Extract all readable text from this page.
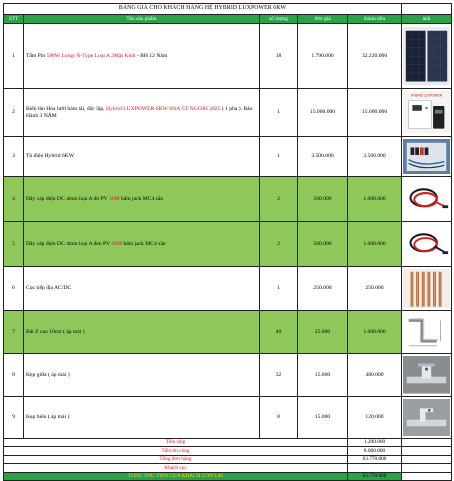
BẢNG GIÁ CHO KHÁCH HÀNG HỆ HYBRID LUXPOWER 6KW					
STT	Tên sản phẩm	số lượng	đơn giá	thành tiền	ảnh
1	Tấm Pin 580W Longi N-Type Loại A 2Mặt Kính - BH 12 Năm	18	1.790.000	32.220.000	

2	Biến tần Hòa lưới bám tải, độc lập, Hybrid LUXPOWER 6KW SNA CT NGOÀI 2025 ( 1 pha ). Bảo Hành 3 NĂM	1	15.000.000	15.000.000	HYBRID LUXPOWER

3	Tủ điện Hybrid 6KW	1	3.500.000	3.500.000	

4	Dây cáp điện DC 4mm loại A đỏ PV 30M bấm jack MC4 sẵn	2	500.000	1.000.000	

5	Dây cáp điện DC 4mm loại A đen PV 30M bấm jack MC4 sẵn	2	500.000	1.000.000	

6	Cọc tiếp địa AC/DC	1	250.000	250.000	

7	Bát Z cao 10cm ( áp mái )	40	25.000	1.000.000	

8	Kẹp giữa ( áp mái )	32	15.000	480.000	

9	Kẹp biên ( áp mái )	8	15.000	120.000	

Tiền ship				1.200.000	
Tiền thi công				8.000.000	
Tổng đơn hàng				63.770.000	
Khách cọc					
TỔNG THU TIỀN CỦA KHÁCH CÒN LẠI				63.770.000	
